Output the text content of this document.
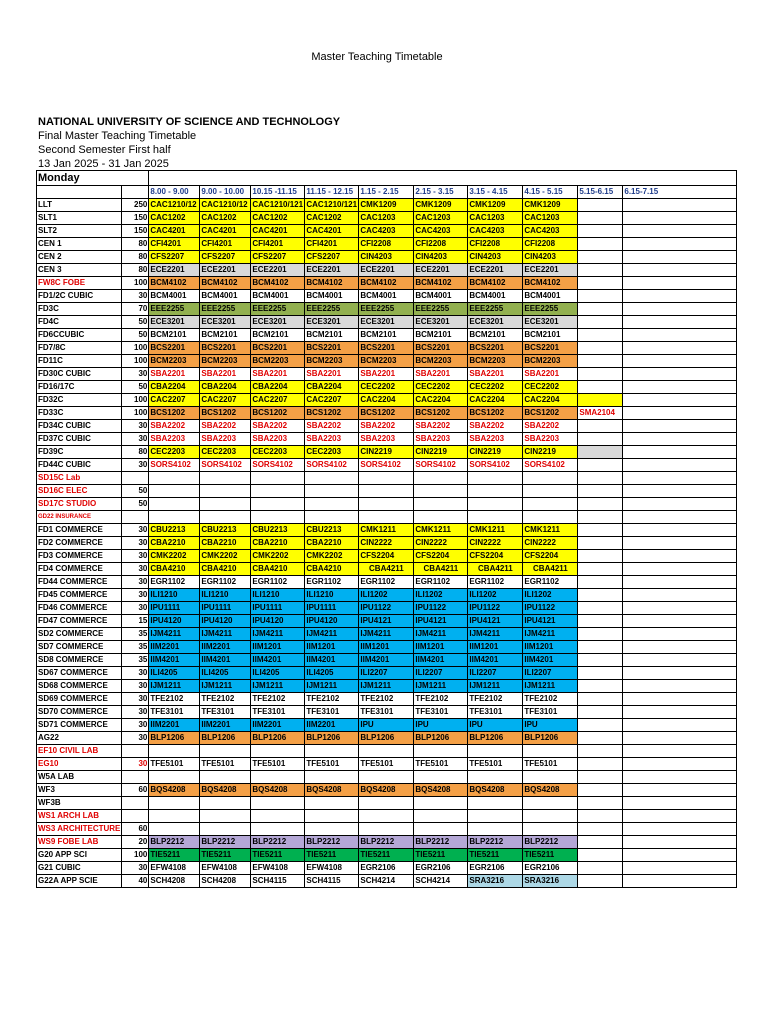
Master Teaching Timetable
NATIONAL UNIVERSITY OF SCIENCE AND TECHNOLOGY
Final Master Teaching Timetable
Second Semester First half
13 Jan 2025 - 31 Jan 2025
Monday											
		8.00 - 9.00	9.00 - 10.00	10.15 -11.15	11.15 - 12.15	1.15 - 2.15	2.15 - 3.15	3.15 - 4.15	4.15 - 5.15	5.15-6.15	6.15-7.15
LLT	250	CAC1210/12	CAC1210/12	CAC1210/121	CAC1210/121	CMK1209	CMK1209	CMK1209	CMK1209		
SLT1	150	CAC1202	CAC1202	CAC1202	CAC1202	CAC1203	CAC1203	CAC1203	CAC1203		
SLT2	150	CAC4201	CAC4201	CAC4201	CAC4201	CAC4203	CAC4203	CAC4203	CAC4203		
CEN 1	80	CFI4201	CFI4201	CFI4201	CFI4201	CFI2208	CFI2208	CFI2208	CFI2208		
CEN 2	80	CFS2207	CFS2207	CFS2207	CFS2207	CIN4203	CIN4203	CIN4203	CIN4203		
CEN 3	80	ECE2201	ECE2201	ECE2201	ECE2201	ECE2201	ECE2201	ECE2201	ECE2201		
FW8C FOBE	100	BCM4102	BCM4102	BCM4102	BCM4102	BCM4102	BCM4102	BCM4102	BCM4102		
FD1/2C CUBIC	30	BCM4001	BCM4001	BCM4001	BCM4001	BCM4001	BCM4001	BCM4001	BCM4001		
FD3C	70	EEE2255	EEE2255	EEE2255	EEE2255	EEE2255	EEE2255	EEE2255	EEE2255		
FD4C	50	ECE3201	ECE3201	ECE3201	ECE3201	ECE3201	ECE3201	ECE3201	ECE3201		
FD6CCUBIC	50	BCM2101	BCM2101	BCM2101	BCM2101	BCM2101	BCM2101	BCM2101	BCM2101		
FD7/8C	100	BCS2201	BCS2201	BCS2201	BCS2201	BCS2201	BCS2201	BCS2201	BCS2201		
FD11C	100	BCM2203	BCM2203	BCM2203	BCM2203	BCM2203	BCM2203	BCM2203	BCM2203		
FD30C CUBIC	30	SBA2201	SBA2201	SBA2201	SBA2201	SBA2201	SBA2201	SBA2201	SBA2201		
FD16/17C	50	CBA2204	CBA2204	CBA2204	CBA2204	CEC2202	CEC2202	CEC2202	CEC2202		
FD32C	100	CAC2207	CAC2207	CAC2207	CAC2207	CAC2204	CAC2204	CAC2204	CAC2204		
FD33C	100	BCS1202	BCS1202	BCS1202	BCS1202	BCS1202	BCS1202	BCS1202	BCS1202	SMA2104	
FD34C CUBIC	30	SBA2202	SBA2202	SBA2202	SBA2202	SBA2202	SBA2202	SBA2202	SBA2202		
FD37C CUBIC	30	SBA2203	SBA2203	SBA2203	SBA2203	SBA2203	SBA2203	SBA2203	SBA2203		
FD39C	80	CEC2203	CEC2203	CEC2203	CEC2203	CIN2219	CIN2219	CIN2219	CIN2219		
FD44C CUBIC	30	SORS4102	SORS4102	SORS4102	SORS4102	SORS4102	SORS4102	SORS4102	SORS4102		
SD15C Lab											
SD16C ELEC	50										
SD17C STUDIO	50										
GD22 INSURANCE											
FD1 COMMERCE	30	CBU2213	CBU2213	CBU2213	CBU2213	CMK1211	CMK1211	CMK1211	CMK1211		
FD2 COMMERCE	30	CBA2210	CBA2210	CBA2210	CBA2210	CIN2222	CIN2222	CIN2222	CIN2222		
FD3 COMMERCE	30	CMK2202	CMK2202	CMK2202	CMK2202	CFS2204	CFS2204	CFS2204	CFS2204		
FD4 COMMERCE	30	CBA4210	CBA4210	CBA4210	CBA4210	CBA4211	CBA4211	CBA4211	CBA4211		
FD44 COMMERCE	30	EGR1102	EGR1102	EGR1102	EGR1102	EGR1102	EGR1102	EGR1102	EGR1102		
FD45 COMMERCE	30	ILI1210	ILI1210	ILI1210	ILI1210	ILI1202	ILI1202	ILI1202	ILI1202		
FD46 COMMERCE	30	IPU1111	IPU1111	IPU1111	IPU1111	IPU1122	IPU1122	IPU1122	IPU1122		
FD47 COMMERCE	15	IPU4120	IPU4120	IPU4120	IPU4120	IPU4121	IPU4121	IPU4121	IPU4121		
SD2 COMMERCE	35	IJM4211	IJM4211	IJM4211	IJM4211	IJM4211	IJM4211	IJM4211	IJM4211		
SD7 COMMERCE	35	IIM2201	IIM2201	IIM1201	IIM1201	IIM1201	IIM1201	IIM1201	IIM1201		
SD8 COMMERCE	35	IIM4201	IIM4201	IIM4201	IIM4201	IIM4201	IIM4201	IIM4201	IIM4201		
SD67 COMMERCE	30	ILI4205	ILI4205	ILI4205	ILI4205	ILI2207	ILI2207	ILI2207	ILI2207		
SD68 COMMERCE	30	IJM1211	IJM1211	IJM1211	IJM1211	IJM1211	IJM1211	IJM1211	IJM1211		
SD69 COMMERCE	30	TFE2102	TFE2102	TFE2102	TFE2102	TFE2102	TFE2102	TFE2102	TFE2102		
SD70 COMMERCE	30	TFE3101	TFE3101	TFE3101	TFE3101	TFE3101	TFE3101	TFE3101	TFE3101		
SD71 COMMERCE	30	IIM2201	IIM2201	IIM2201	IIM2201	IPU	IPU	IPU	IPU		
AG22	30	BLP1206	BLP1206	BLP1206	BLP1206	BLP1206	BLP1206	BLP1206	BLP1206		
EF10 CIVIL LAB											
EG10	30	TFE5101	TFE5101	TFE5101	TFE5101	TFE5101	TFE5101	TFE5101	TFE5101		
W5A LAB											
WF3	60	BQS4208	BQS4208	BQS4208	BQS4208	BQS4208	BQS4208	BQS4208	BQS4208		
WF3B											
WS1 ARCH LAB											
WS3 ARCHITECTURE	60										
WS9 FOBE LAB	20	BLP2212	BLP2212	BLP2212	BLP2212	BLP2212	BLP2212	BLP2212	BLP2212		
G20 APP SCI	100	TIE5211	TIE5211	TIE5211	TIE5211	TIE5211	TIE5211	TIE5211	TIE5211		
G21 CUBIC	30	EFW4108	EFW4108	EFW4108	EFW4108	EGR2106	EGR2106	EGR2106	EGR2106		
G22A APP SCIE	40	SCH4208	SCH4208	SCH4115	SCH4115	SCH4214	SCH4214	SRA3216	SRA3216		
